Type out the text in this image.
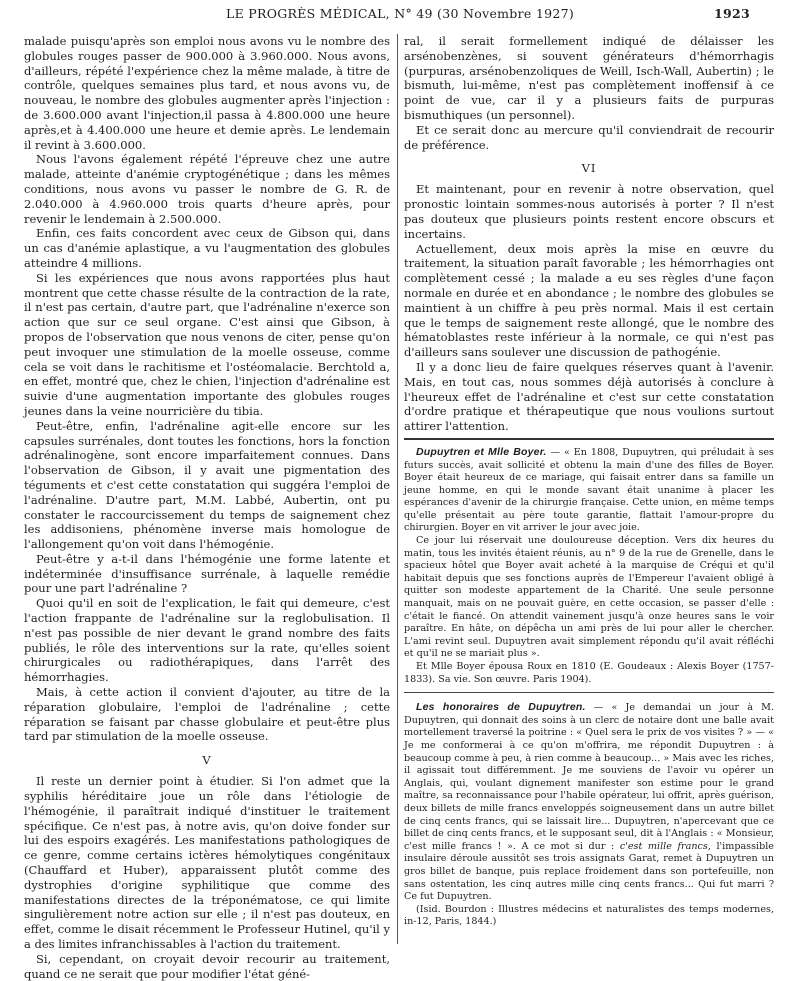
LE PROGRÈS MÉDICAL, N° 49 (30 Novembre 1927)	1923

malade puisqu'après son emploi nous avons vu le nombre des globules rouges passer de 900.000 à 3.960.000. Nous avons, d'ailleurs, répété l'expérience chez la même malade, à titre de contrôle, quelques semaines plus tard, et nous avons vu, de nouveau, le nombre des globules augmenter après l'injection : de 3.600.000 avant l'injection,il passa à 4.800.000 une heure après,et à 4.400.000 une heure et demie après. Le lendemain il revint à 3.600.000.

Nous l'avons également répété l'épreuve chez une autre malade, atteinte d'anémie cryptogénétique ; dans les mêmes conditions, nous avons vu passer le nombre de G. R. de 2.040.000 à 4.960.000 trois quarts d'heure après, pour revenir le lendemain à 2.500.000.

Enfin, ces faits concordent avec ceux de Gibson qui, dans un cas d'anémie aplastique, a vu l'augmentation des globules atteindre 4 millions.

Si les expériences que nous avons rapportées plus haut montrent que cette chasse résulte de la contraction de la rate, il n'est pas certain, d'autre part, que l'adrénaline n'exerce son action que sur ce seul organe. C'est ainsi que Gibson, à propos de l'observation que nous venons de citer, pense qu'on peut invoquer une stimulation de la moelle osseuse, comme cela se voit dans le rachitisme et l'ostéomalacie. Berchtold a, en effet, montré que, chez le chien, l'injection d'adrénaline est suivie d'une augmentation importante des globules rouges jeunes dans la veine nourricière du tibia.

Peut-être, enfin, l'adrénaline agit-elle encore sur les capsules surrénales, dont toutes les fonctions, hors la fonction adrénalinogène, sont encore imparfaitement connues. Dans l'observation de Gibson, il y avait une pigmentation des téguments et c'est cette constatation qui suggéra l'emploi de l'adrénaline. D'autre part, M.M. Labbé, Aubertin, ont pu constater le raccourcissement du temps de saignement chez les addisoniens, phénomène inverse mais homologue de l'allongement qu'on voit dans l'hémogénie.

Peut-être y a-t-il dans l'hémogénie une forme latente et indéterminée d'insuffisance surrénale, à laquelle remédie pour une part l'adrénaline ?

Quoi qu'il en soit de l'explication, le fait qui demeure, c'est l'action frappante de l'adrénaline sur la reglobulisation. Il n'est pas possible de nier devant le grand nombre des faits publiés, le rôle des interventions sur la rate, qu'elles soient chirurgicales ou radiothérapiques, dans l'arrêt des hémorrhagies.

Mais, à cette action il convient d'ajouter, au titre de la réparation globulaire, l'emploi de l'adrénaline ; cette réparation se faisant par chasse globulaire et peut-être plus tard par stimulation de la moelle osseuse.

V

Il reste un dernier point à étudier. Si l'on admet que la syphilis héréditaire joue un rôle dans l'étiologie de l'hémogénie, il paraîtrait indiqué d'instituer le traitement spécifique. Ce n'est pas, à notre avis, qu'on doive fonder sur lui des espoirs exagérés. Les manifestations pathologiques de ce genre, comme certains ictères hémolytiques congénitaux (Chauffard et Huber), apparaissent plutôt comme des dystrophies d'origine syphilitique que comme des manifestations directes de la tréponématose, ce qui limite singulièrement notre action sur elle ; il n'est pas douteux, en effet, comme le disait récemment le Professeur Hutinel, qu'il y a des limites infranchissables à l'action du traitement.

Si, cependant, on croyait devoir recourir au traitement, quand ce ne serait que pour modifier l'état géné-

ral, il serait formellement indiqué de délaisser les arsénobenzènes, si souvent générateurs d'hémorrhagis (purpuras, arsénobenzoliques de Weill, Isch-Wall, Aubertin) ; le bismuth, lui-même, n'est pas complètement inoffensif à ce point de vue, car il y a plusieurs faits de purpuras bismuthiques (un personnel).

Et ce serait donc au mercure qu'il conviendrait de recourir de préférence.

VI

Et maintenant, pour en revenir à notre observation, quel pronostic lointain sommes-nous autorisés à porter ? Il n'est pas douteux que plusieurs points restent encore obscurs et incertains.

Actuellement, deux mois après la mise en œuvre du traitement, la situation paraît favorable ; les hémorrhagies ont complètement cessé ; la malade a eu ses règles d'une façon normale en durée et en abondance ; le nombre des globules se maintient à un chiffre à peu près normal. Mais il est certain que le temps de saignement reste allongé, que le nombre des hématoblastes reste inférieur à la normale, ce qui n'est pas d'ailleurs sans soulever une discussion de pathogénie.

Il y a donc lieu de faire quelques réserves quant à l'avenir. Mais, en tout cas, nous sommes déjà autorisés à conclure à l'heureux effet de l'adrénaline et c'est sur cette constatation d'ordre pratique et thérapeutique que nous voulions surtout attirer l'attention.

Dupuytren et Mlle Boyer. — « En 1808, Dupuytren, qui préludait à ses futurs succès, avait sollicité et obtenu la main d'une des filles de Boyer. Boyer était heureux de ce mariage, qui faisait entrer dans sa famille un jeune homme, en qui le monde savant était unanime à placer les espérances d'avenir de la chirurgie française. Cette union, en même temps qu'elle présentait au père toute garantie, flattait l'amour-propre du chirurgien. Boyer en vit arriver le jour avec joie.

Ce jour lui réservait une douloureuse déception. Vers dix heures du matin, tous les invités étaient réunis, au n° 9 de la rue de Grenelle, dans le spacieux hôtel que Boyer avait acheté à la marquise de Créqui et qu'il habitait depuis que ses fonctions auprès de l'Empereur l'avaient obligé à quitter son modeste appartement de la Charité. Une seule personne manquait, mais on ne pouvait guère, en cette occasion, se passer d'elle : c'était le fiancé. On attendit vainement jusqu'à onze heures sans le voir paraître. En hâte, on dépêcha un ami près de lui pour aller le chercher. L'ami revint seul. Dupuytren avait simplement répondu qu'il avait réfléchi et qu'il ne se mariait plus ».

Et Mlle Boyer épousa Roux en 1810 (E. Goudeaux : Alexis Boyer (1757-1833). Sa vie. Son œuvre. Paris 1904).

Les honoraires de Dupuytren. — « Je demandai un jour à M. Dupuytren, qui donnait des soins à un clerc de notaire dont une balle avait mortellement traversé la poitrine : « Quel sera le prix de vos visites ? » — « Je me conformerai à ce qu'on m'offrira, me répondit Dupuytren : à beaucoup comme à peu, à rien comme à beaucoup... » Mais avec les riches, il agissait tout différemment. Je me souviens de l'avoir vu opérer un Anglais, qui, voulant dignement manifester son estime pour le grand maître, sa reconnaissance pour l'habile opérateur, lui offrit, après guérison, deux billets de mille francs enveloppés soigneusement dans un autre billet de cinq cents francs, qui se laissait lire... Dupuytren, n'apercevant que ce billet de cinq cents francs, et le supposant seul, dit à l'Anglais : « Monsieur, c'est mille francs ! ». A ce mot si dur : c'est mille francs, l'impassible insulaire déroule aussitôt ses trois assignats Garat, remet à Dupuytren un gros billet de banque, puis replace froidement dans son portefeuille, non sans ostentation, les cinq autres mille cinq cents francs... Qui fut marri ? Ce fut Dupuytren.

(Isid. Bourdon : Illustres médecins et naturalistes des temps modernes, in-12, Paris, 1844.)
